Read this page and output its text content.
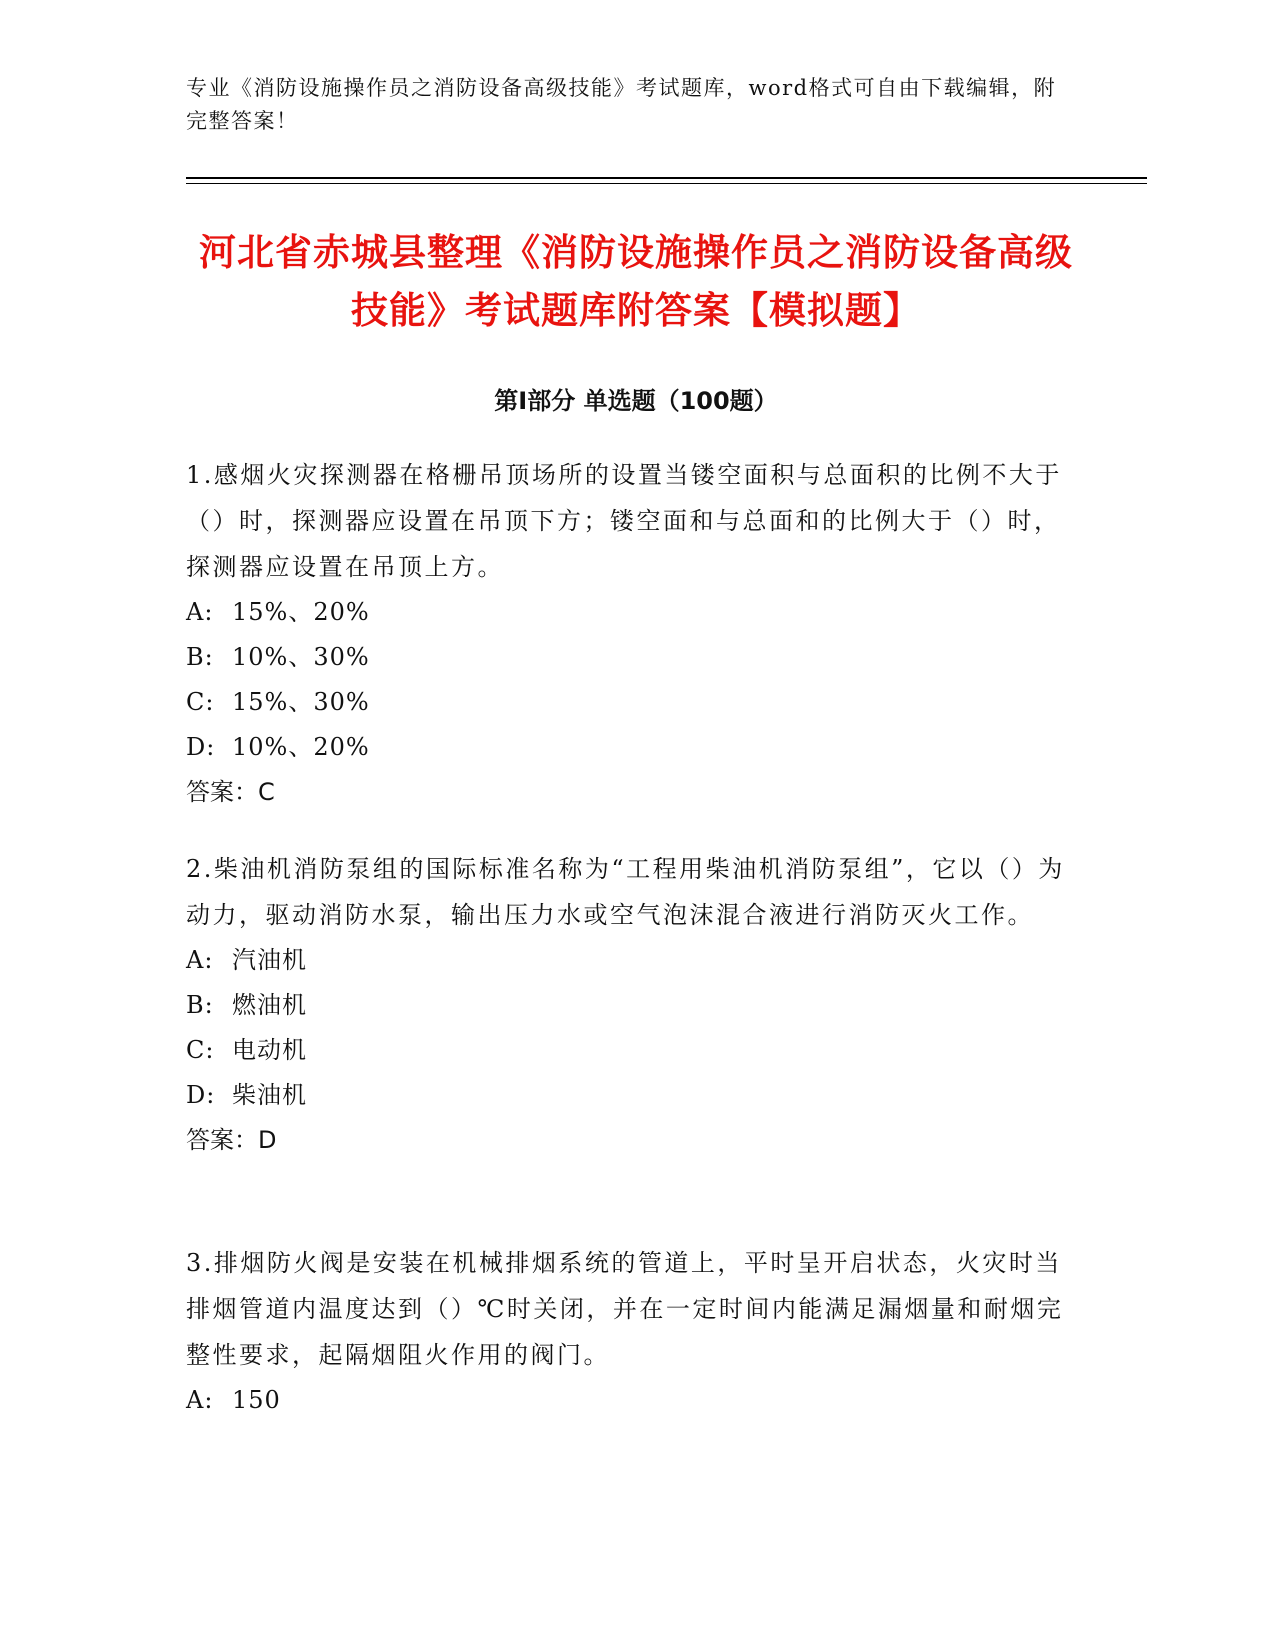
专业《消防设施操作员之消防设备高级技能》考试题库，word格式可自由下载编辑，附完整答案！
河北省赤城县整理《消防设施操作员之消防设备高级技能》考试题库附答案【模拟题】
第Ⅰ部分 单选题（100题）

1.感烟火灾探测器在格栅吊顶场所的设置当镂空面积与总面积的比例不大于（）时，探测器应设置在吊顶下方；镂空面和与总面和的比例大于（）时，探测器应设置在吊顶上方。

A: 15%、20%

B: 10%、30%

C: 15%、30%

D: 10%、20%

答案：C

2.柴油机消防泵组的国际标准名称为“工程用柴油机消防泵组”，它以（）为动力，驱动消防水泵，输出压力水或空气泡沫混合液进行消防灭火工作。

A: 汽油机

B: 燃油机

C: 电动机

D: 柴油机

答案：D

3.排烟防火阀是安装在机械排烟系统的管道上，平时呈开启状态，火灾时当排烟管道内温度达到（）℃时关闭，并在一定时间内能满足漏烟量和耐烟完整性要求，起隔烟阻火作用的阀门。

A: 150
